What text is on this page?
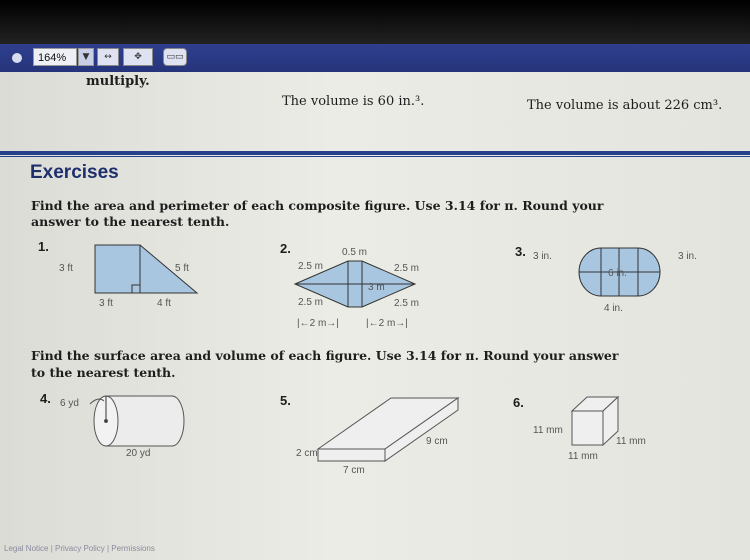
164%	▼	↔	✥	▭▭
multiply.
The volume is 60 in.³.	The volume is about 226 cm³.
Exercises
Find the area and perimeter of each composite figure. Use 3.14 for π. Round your
answer to the nearest tenth.
1.	2.	3.
3 ft	5 ft
3 ft	4 ft
0.5 m
2.5 m	2.5 m
3 m
2.5 m	2.5 m
|←2 m→|	|←2 m→|
3 in.	3 in.
6 in.
4 in.
Find the surface area and volume of each figure. Use 3.14 for π. Round your answer
to the nearest tenth.
4.	5.	6.
6 yd
20 yd
9 cm
2 cm
7 cm
11 mm
11 mm
11 mm
Legal Notice | Privacy Policy | Permissions
